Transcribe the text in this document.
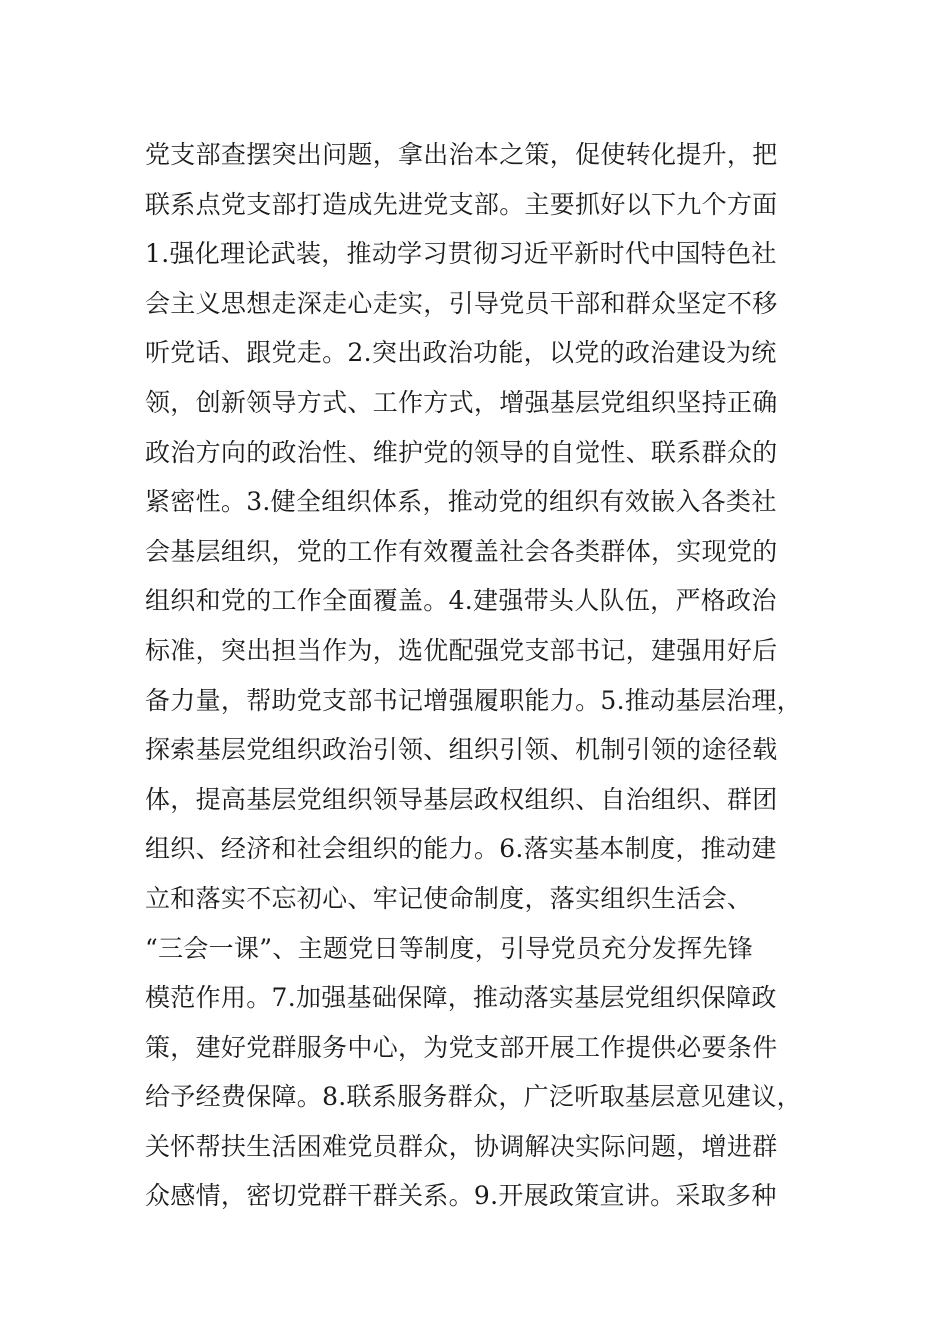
党支部查摆突出问题，拿出治本之策，促使转化提升，把
联系点党支部打造成先进党支部。主要抓好以下九个方面
1.强化理论武装，推动学习贯彻习近平新时代中国特色社
会主义思想走深走心走实，引导党员干部和群众坚定不移
听党话、跟党走。2.突出政治功能，以党的政治建设为统
领，创新领导方式、工作方式，增强基层党组织坚持正确
政治方向的政治性、维护党的领导的自觉性、联系群众的
紧密性。3.健全组织体系，推动党的组织有效嵌入各类社
会基层组织，党的工作有效覆盖社会各类群体，实现党的
组织和党的工作全面覆盖。4.建强带头人队伍，严格政治
标准，突出担当作为，选优配强党支部书记，建强用好后
备力量，帮助党支部书记增强履职能力。5.推动基层治理，
探索基层党组织政治引领、组织引领、机制引领的途径载
体，提高基层党组织领导基层政权组织、自治组织、群团
组织、经济和社会组织的能力。6.落实基本制度，推动建
立和落实不忘初心、牢记使命制度，落实组织生活会、
“三会一课”、主题党日等制度，引导党员充分发挥先锋
模范作用。7.加强基础保障，推动落实基层党组织保障政
策，建好党群服务中心，为党支部开展工作提供必要条件
给予经费保障。8.联系服务群众，广泛听取基层意见建议，
关怀帮扶生活困难党员群众，协调解决实际问题，增进群
众感情，密切党群干群关系。9.开展政策宣讲。采取多种
